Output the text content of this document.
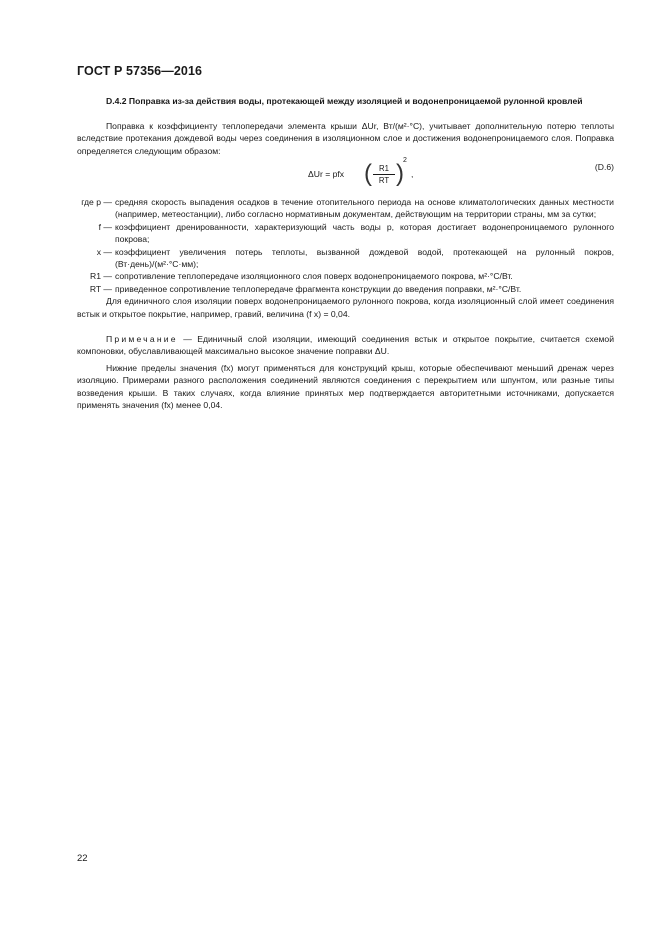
ГОСТ Р 57356—2016
D.4.2 Поправка из-за действия воды, протекающей между изоляцией и водонепроницаемой рулонной кровлей

Поправка к коэффициенту теплопередачи элемента крыши ΔUr, Вт/(м²·°С), учитывает дополнительную потерю теплоты вследствие протекания дождевой воды через соединения в изоляционном слое и достижения водонепроницаемого слоя. Поправка определяется следующим образом:

ΔUr = pfx ( $\frac{R1}{RT}$ ) 2
,
(D.6)

где p — средняя скорость выпадения осадков в течение отопительного периода на основе климатологических данных местности (например, метеостанции), либо согласно нормативным документам, действующим на территории страны, мм за сутки;

f — коэффициент дренированности, характеризующий часть воды p, которая достигает водонепроницаемого рулонного покрова;

x — коэффициент увеличения потерь теплоты, вызванной дождевой водой, протекающей на рулонный покров, (Вт·день)/(м²·°С·мм);

R1 — сопротивление теплопередаче изоляционного слоя поверх водонепроницаемого покрова, м²·°С/Вт.

RT — приведенное сопротивление теплопередаче фрагмента конструкции до введения поправки, м²·°С/Вт.

Для единичного слоя изоляции поверх водонепроницаемого рулонного покрова, когда изоляционный слой имеет соединения встык и открытое покрытие, например, гравий, величина (f x) = 0,04.

Примечание — Единичный слой изоляции, имеющий соединения встык и открытое покрытие, считается схемой компоновки, обуславливающей максимально высокое значение поправки ΔU.
Нижние пределы значения (fx) могут применяться для конструкций крыш, которые обеспечивают меньший дренаж через изоляцию. Примерами разного расположения соединений являются соединения с перекрытием или шпунтом, или разные типы возведения крыши. В таких случаях, когда влияние принятых мер подтверждается авторитетными источниками, допускается применять значения (fx) менее 0,04.
22
